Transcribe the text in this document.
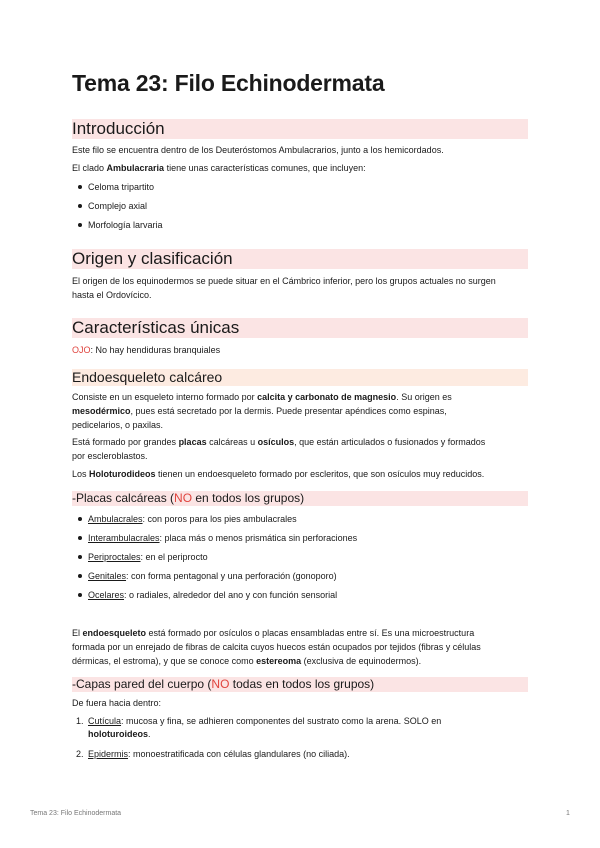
Tema 23: Filo Echinodermata
Introducción

Este filo se encuentra dentro de los Deuteróstomos Ambulacrarios, junto a los hemicordados.

El clado Ambulacraria tiene unas características comunes, que incluyen:

Celoma tripartito

Complejo axial

Morfología larvaria

Origen y clasificación

El origen de los equinodermos se puede situar en el Cámbrico inferior, pero los grupos actuales no surgen

hasta el Ordovícico.

Características únicas

OJO: No hay hendiduras branquiales

Endoesqueleto calcáreo

Consiste en un esqueleto interno formado por calcita y carbonato de magnesio. Su origen es

mesodérmico, pues está secretado por la dermis. Puede presentar apéndices como espinas,

pedicelarios, o paxilas.

Está formado por grandes placas calcáreas u osículos, que están articulados o fusionados y formados

por escleroblastos.

Los Holoturodideos tienen un endoesqueleto formado por escleritos, que son osículos muy reducidos.

-Placas calcáreas (NO en todos los grupos)

Ambulacrales: con poros para los pies ambulacrales

Interambulacrales: placa más o menos prismática sin perforaciones

Periproctales: en el periprocto

Genitales: con forma pentagonal y una perforación (gonoporo)

Ocelares: o radiales, alrededor del ano y con función sensorial

El endoesqueleto está formado por osículos o placas ensambladas entre sí. Es una microestructura

formada por un enrejado de fibras de calcita cuyos huecos están ocupados por tejidos (fibras y células

dérmicas, el estroma), y que se conoce como estereoma (exclusiva de equinodermos).

-Capas pared del cuerpo (NO todas en todos los grupos)

De fuera hacia dentro:

1. Cutícula: mucosa y fina, se adhieren componentes del sustrato como la arena. SOLO en

holoturoideos.

2. Epidermis: monoestratificada con células glandulares (no ciliada).

Tema 23: Filo Echinodermata	1
